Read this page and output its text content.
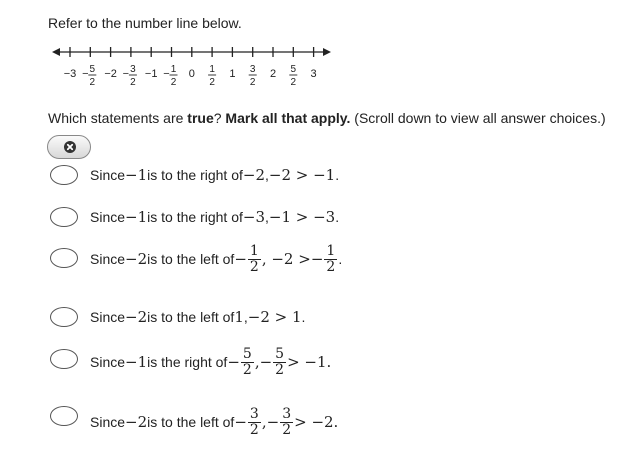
Refer to the number line below.
−3 − 5
2
−2 − 3
2
−1 − 1
2
0 1
2
1 3
2
2 5
2
3
Which statements are true? Mark all that apply. (Scroll down to view all answer choices.)
Since −1 is to the right of −2 , −2 > −1 .
Since −1 is to the right of −3 , −1 > −3 .
Since −2 is to the left of − $\frac{1}{2}$ , −2 > − $\frac{1}{2}$ .
Since −2 is to the left of 1 , −2 > 1 .
Since −1 is the right of − $\frac{5}{2}$ , − $\frac{5}{2} > -1$.
Since −2 is to the left of − $\frac{3}{2}$ , − $\frac{3}{2} > -2$.
